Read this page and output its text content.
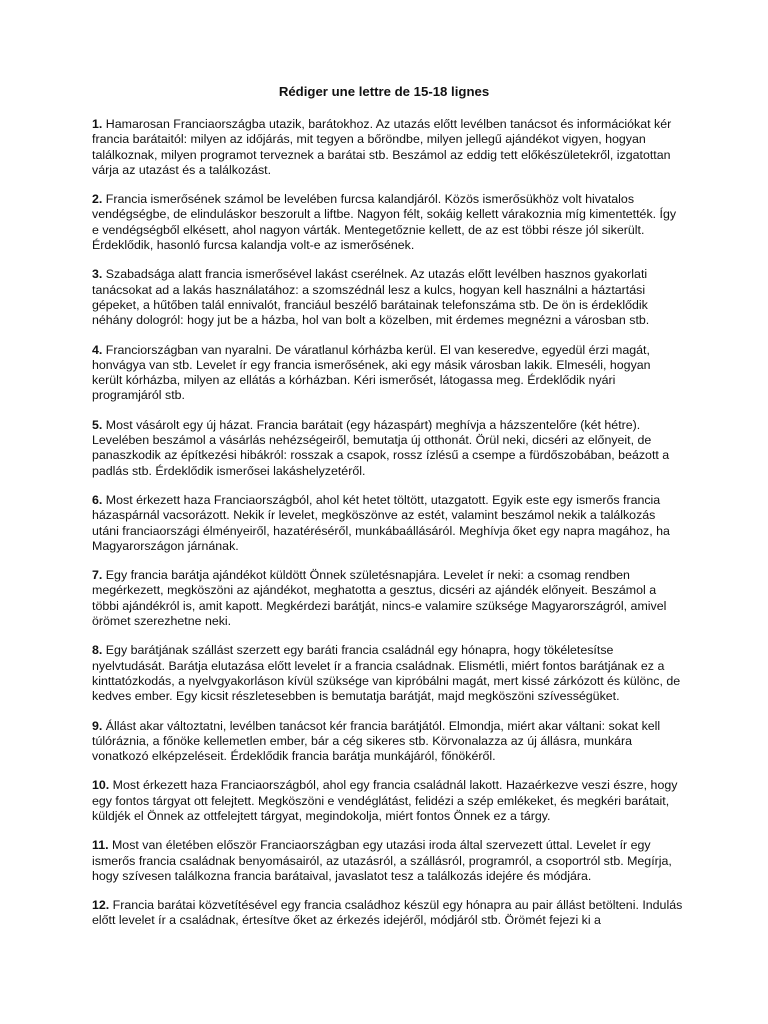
Rédiger une lettre de 15-18 lignes

1. Hamarosan Franciaországba utazik, barátokhoz. Az utazás előtt levélben tanácsot és információkat kér francia barátaitól: milyen az időjárás, mit tegyen a bőröndbe, milyen jellegű ajándékot vigyen, hogyan találkoznak, milyen programot terveznek a barátai stb. Beszámol az eddig tett előkészületekről, izgatottan várja az utazást és a találkozást.

2. Francia ismerősének számol be levelében furcsa kalandjáról. Közös ismerősükhöz volt hivatalos vendégségbe, de elinduláskor beszorult a liftbe. Nagyon félt, sokáig kellett várakoznia míg kimentették. Így e vendégségből elkésett, ahol nagyon várták. Mentegetőznie kellett, de az est többi része jól sikerült. Érdeklődik, hasonló furcsa kalandja volt-e az ismerősének.

3. Szabadsága alatt francia ismerősével lakást cserélnek. Az utazás előtt levélben hasznos gyakorlati tanácsokat ad a lakás használatához: a szomszédnál lesz a kulcs, hogyan kell használni a háztartási gépeket, a hűtőben talál ennivalót, franciául beszélő barátainak telefonszáma stb. De ön is érdeklődik néhány dologról: hogy jut be a házba, hol van bolt a közelben, mit érdemes megnézni a városban stb.

4. Franciországban van nyaralni. De váratlanul kórházba kerül. El van keseredve, egyedül érzi magát, honvágya van stb. Levelet ír egy francia ismerősének, aki egy másik városban lakik. Elmeséli, hogyan került kórházba, milyen az ellátás a kórházban. Kéri ismerősét, látogassa meg. Érdeklődik nyári programjáról stb.

5. Most vásárolt egy új házat. Francia barátait (egy házaspárt) meghívja a házszentelőre (két hétre). Levelében beszámol a vásárlás nehézségeiről, bemutatja új otthonát. Örül neki, dicséri az előnyeit, de panaszkodik az építkezési hibákról: rosszak a csapok, rossz ízlésű a csempe a fürdőszobában, beázott a padlás stb. Érdeklődik ismerősei lakáshelyzetéről.

6. Most érkezett haza Franciaországból, ahol két hetet töltött, utazgatott. Egyik este egy ismerős francia házaspárnál vacsorázott. Nekik ír levelet, megköszönve az estét, valamint beszámol nekik a találkozás utáni franciaországi élményeiről, hazatéréséről, munkábaállásáról. Meghívja őket egy napra magához, ha Magyarországon járnának.

7. Egy francia barátja ajándékot küldött Önnek születésnapjára. Levelet ír neki: a csomag rendben megérkezett, megköszöni az ajándékot, meghatotta a gesztus, dicséri az ajándék előnyeit. Beszámol a többi ajándékról is, amit kapott. Megkérdezi barátját, nincs-e valamire szüksége Magyarországról, amivel örömet szerezhetne neki.

8. Egy barátjának szállást szerzett egy baráti francia családnál egy hónapra, hogy tökéletesítse nyelvtudását. Barátja elutazása előtt levelet ír a francia családnak. Elismétli, miért fontos barátjának ez a kinttatózkodás, a nyelvgyakorláson kívül szüksége van kipróbálni magát, mert kissé zárkózott és különc, de kedves ember. Egy kicsit részletesebben is bemutatja barátját, majd megköszöni szívességüket.

9. Állást akar változtatni, levélben tanácsot kér francia barátjától. Elmondja, miért akar váltani: sokat kell túlóráznia, a főnöke kellemetlen ember, bár a cég sikeres stb. Körvonalazza az új állásra, munkára vonatkozó elképzeléseit. Érdeklődik francia barátja munkájáról, főnökéről.

10. Most érkezett haza Franciaországból, ahol egy francia családnál lakott. Hazaérkezve veszi észre, hogy egy fontos tárgyat ott felejtett. Megköszöni e vendéglátást, felidézi a szép emlékeket, és megkéri barátait, küldjék el Önnek az ottfelejtett tárgyat, megindokolja, miért fontos Önnek ez a tárgy.

11. Most van életében először Franciaországban egy utazási iroda által szervezett úttal. Levelet ír egy ismerős francia családnak benyomásairól, az utazásról, a szállásról, programról, a csoportról stb. Megírja, hogy szívesen találkozna francia barátaival, javaslatot tesz a találkozás idejére és módjára.

12. Francia barátai közvetítésével egy francia családhoz készül egy hónapra au pair állást betölteni. Indulás előtt levelet ír a családnak, értesítve őket az érkezés idejéről, módjáról stb. Örömét fejezi ki a
